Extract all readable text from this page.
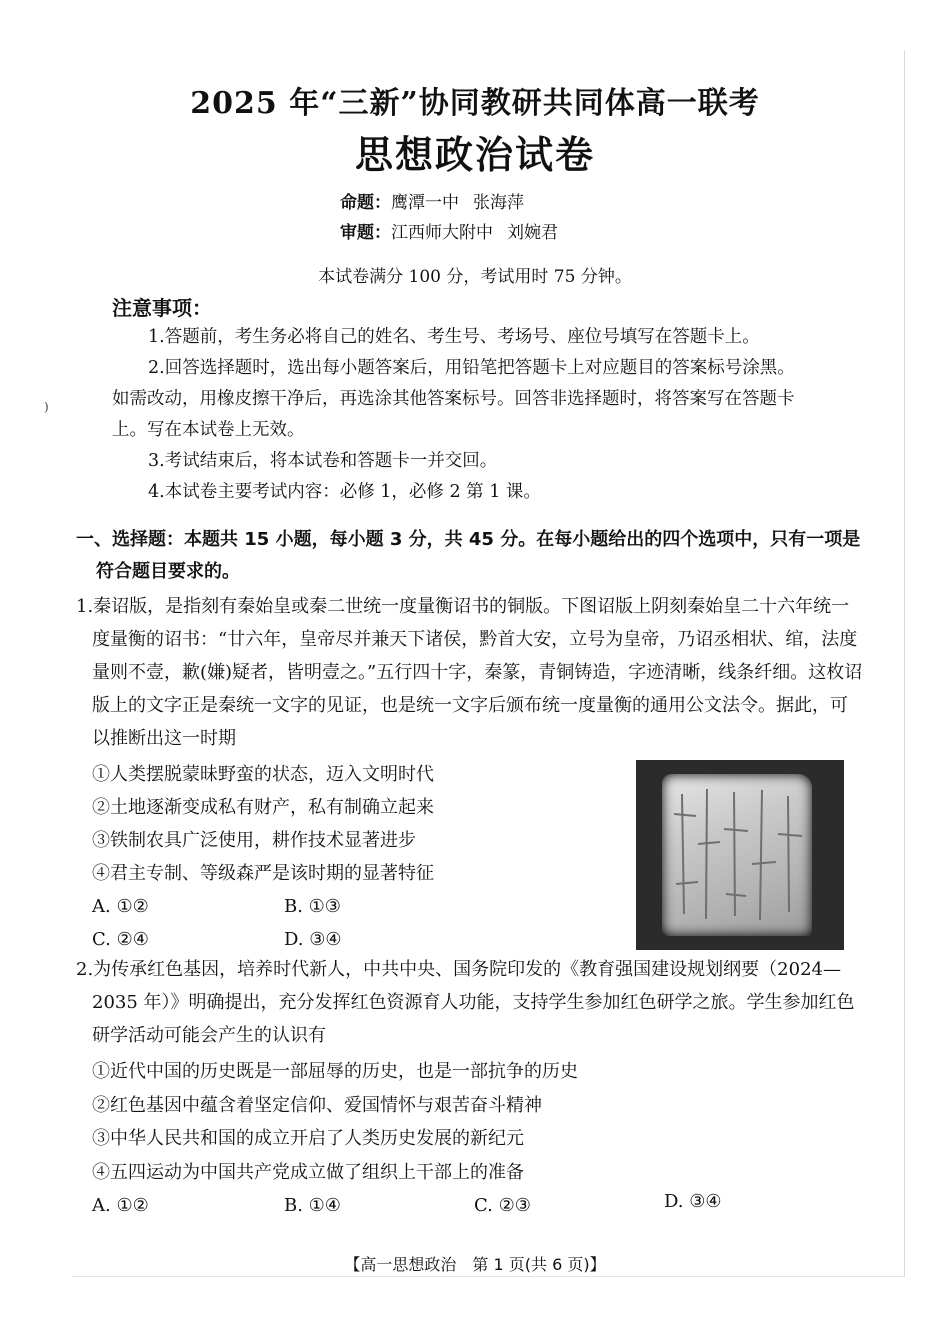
)
2025 年“三新”协同教研共同体高一联考
思想政治试卷
命题：鹰潭一中 张海萍
审题：江西师大附中 刘婉君
本试卷满分 100 分，考试用时 75 分钟。
注意事项：
1.答题前，考生务必将自己的姓名、考生号、考场号、座位号填写在答题卡上。
2.回答选择题时，选出每小题答案后，用铅笔把答题卡上对应题目的答案标号涂黑。如需改动，用橡皮擦干净后，再选涂其他答案标号。回答非选择题时，将答案写在答题卡上。写在本试卷上无效。
3.考试结束后，将本试卷和答题卡一并交回。
4.本试卷主要考试内容：必修 1，必修 2 第 1 课。
一、选择题：本题共 15 小题，每小题 3 分，共 45 分。在每小题给出的四个选项中，只有一项是符合题目要求的。
1.秦诏版，是指刻有秦始皇或秦二世统一度量衡诏书的铜版。下图诏版上阴刻秦始皇二十六年统一度量衡的诏书：“廿六年，皇帝尽并兼天下诸侯，黔首大安，立号为皇帝，乃诏丞相状、绾，法度量则不壹，歉(嫌)疑者，皆明壹之。”五行四十字，秦篆，青铜铸造，字迹清晰，线条纤细。这枚诏版上的文字正是秦统一文字的见证，也是统一文字后颁布统一度量衡的通用公文法令。据此，可以推断出这一时期
①人类摆脱蒙昧野蛮的状态，迈入文明时代
②土地逐渐变成私有财产，私有制确立起来
③铁制农具广泛使用，耕作技术显著进步
④君主专制、等级森严是该时期的显著特征
A. ①②	B. ①③
C. ②④	D. ③④
2.为传承红色基因，培养时代新人，中共中央、国务院印发的《教育强国建设规划纲要（2024—2035 年）》明确提出，充分发挥红色资源育人功能，支持学生参加红色研学之旅。学生参加红色研学活动可能会产生的认识有
①近代中国的历史既是一部屈辱的历史，也是一部抗争的历史
②红色基因中蕴含着坚定信仰、爱国情怀与艰苦奋斗精神
③中华人民共和国的成立开启了人类历史发展的新纪元
④五四运动为中国共产党成立做了组织上干部上的准备
A. ①②	B. ①④	C. ②③	D. ③④
【高一思想政治　第 1 页(共 6 页)】
